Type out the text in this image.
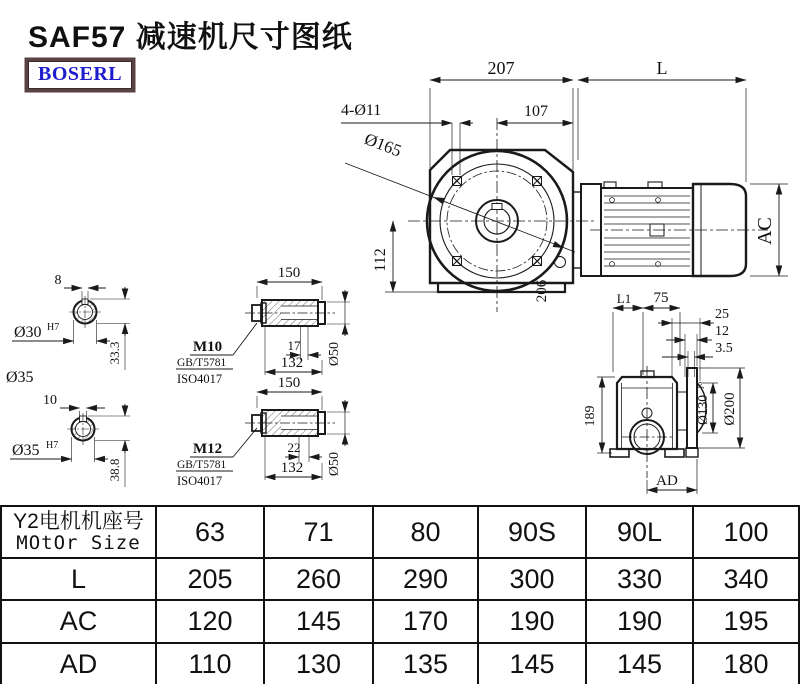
SAF57 减速机尺寸图纸
BOSERL	207	L
107
4-Ø11
Ø165
112
206
AC
L1 75
25
12
3.5
189	Ø130
j6
Ø200
AD
8
Ø30 H7
33.3
Ø35
10
Ø35 H7
38.8
150
M10
GB/T5781
ISO4017
17
132 Ø50
150
M12
GB/T5781
ISO4017
22
132 Ø50
Y2电机机座号
MOtOr Size	63	71	80	90S	90L	100
L	205	260	290	300	330	340
AC	120	145	170	190	190	195
AD	110	130	135	145	145	180
